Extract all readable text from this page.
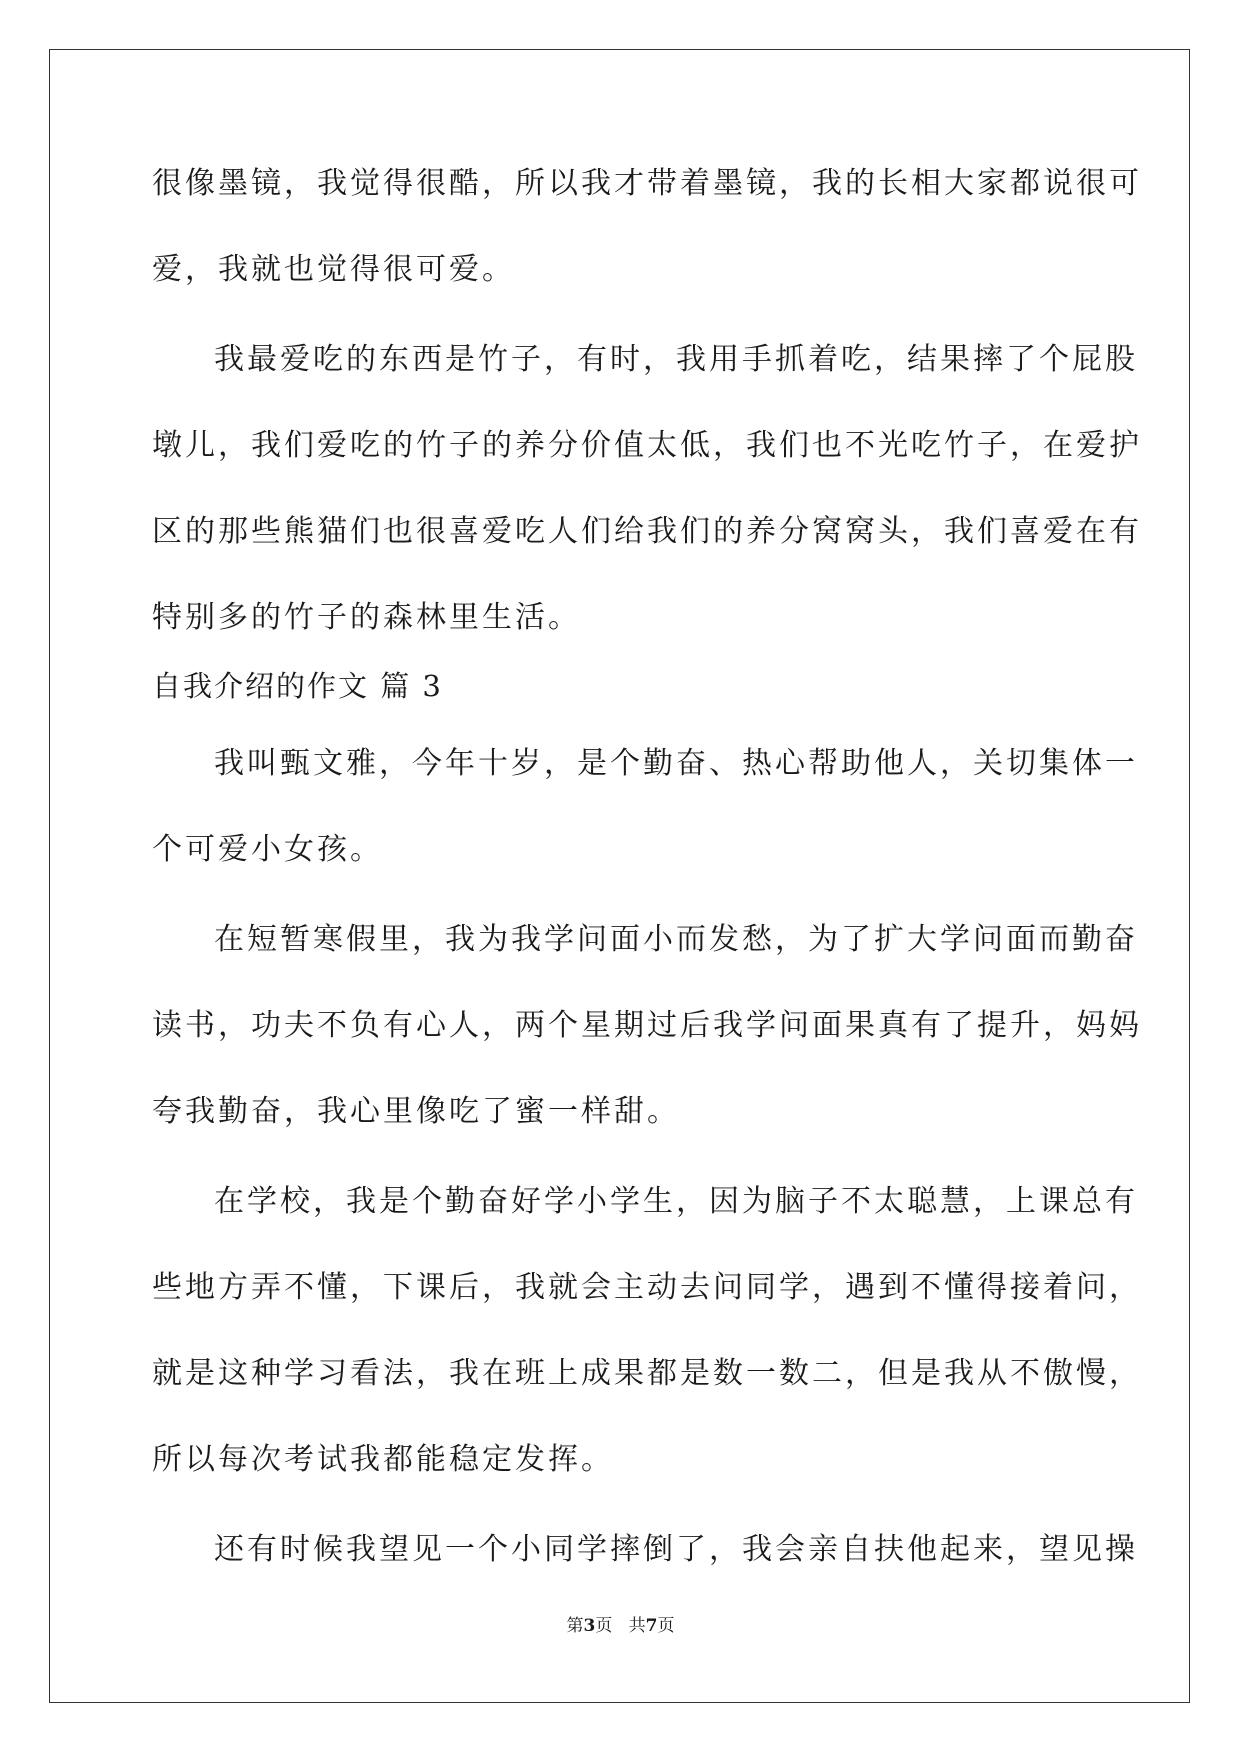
很像墨镜，我觉得很酷，所以我才带着墨镜，我的长相大家都说很可
爱，我就也觉得很可爱。
我最爱吃的东西是竹子，有时，我用手抓着吃，结果摔了个屁股
墩儿，我们爱吃的竹子的养分价值太低，我们也不光吃竹子，在爱护
区的那些熊猫们也很喜爱吃人们给我们的养分窝窝头，我们喜爱在有
特别多的竹子的森林里生活。
自我介绍的作文 篇 3
我叫甄文雅，今年十岁，是个勤奋、热心帮助他人，关切集体一
个可爱小女孩。
在短暂寒假里，我为我学问面小而发愁，为了扩大学问面而勤奋
读书，功夫不负有心人，两个星期过后我学问面果真有了提升，妈妈
夸我勤奋，我心里像吃了蜜一样甜。
在学校，我是个勤奋好学小学生，因为脑子不太聪慧，上课总有
些地方弄不懂，下课后，我就会主动去问同学，遇到不懂得接着问，
就是这种学习看法，我在班上成果都是数一数二，但是我从不傲慢，
所以每次考试我都能稳定发挥。
还有时候我望见一个小同学摔倒了，我会亲自扶他起来，望见操
第3页 共7页
